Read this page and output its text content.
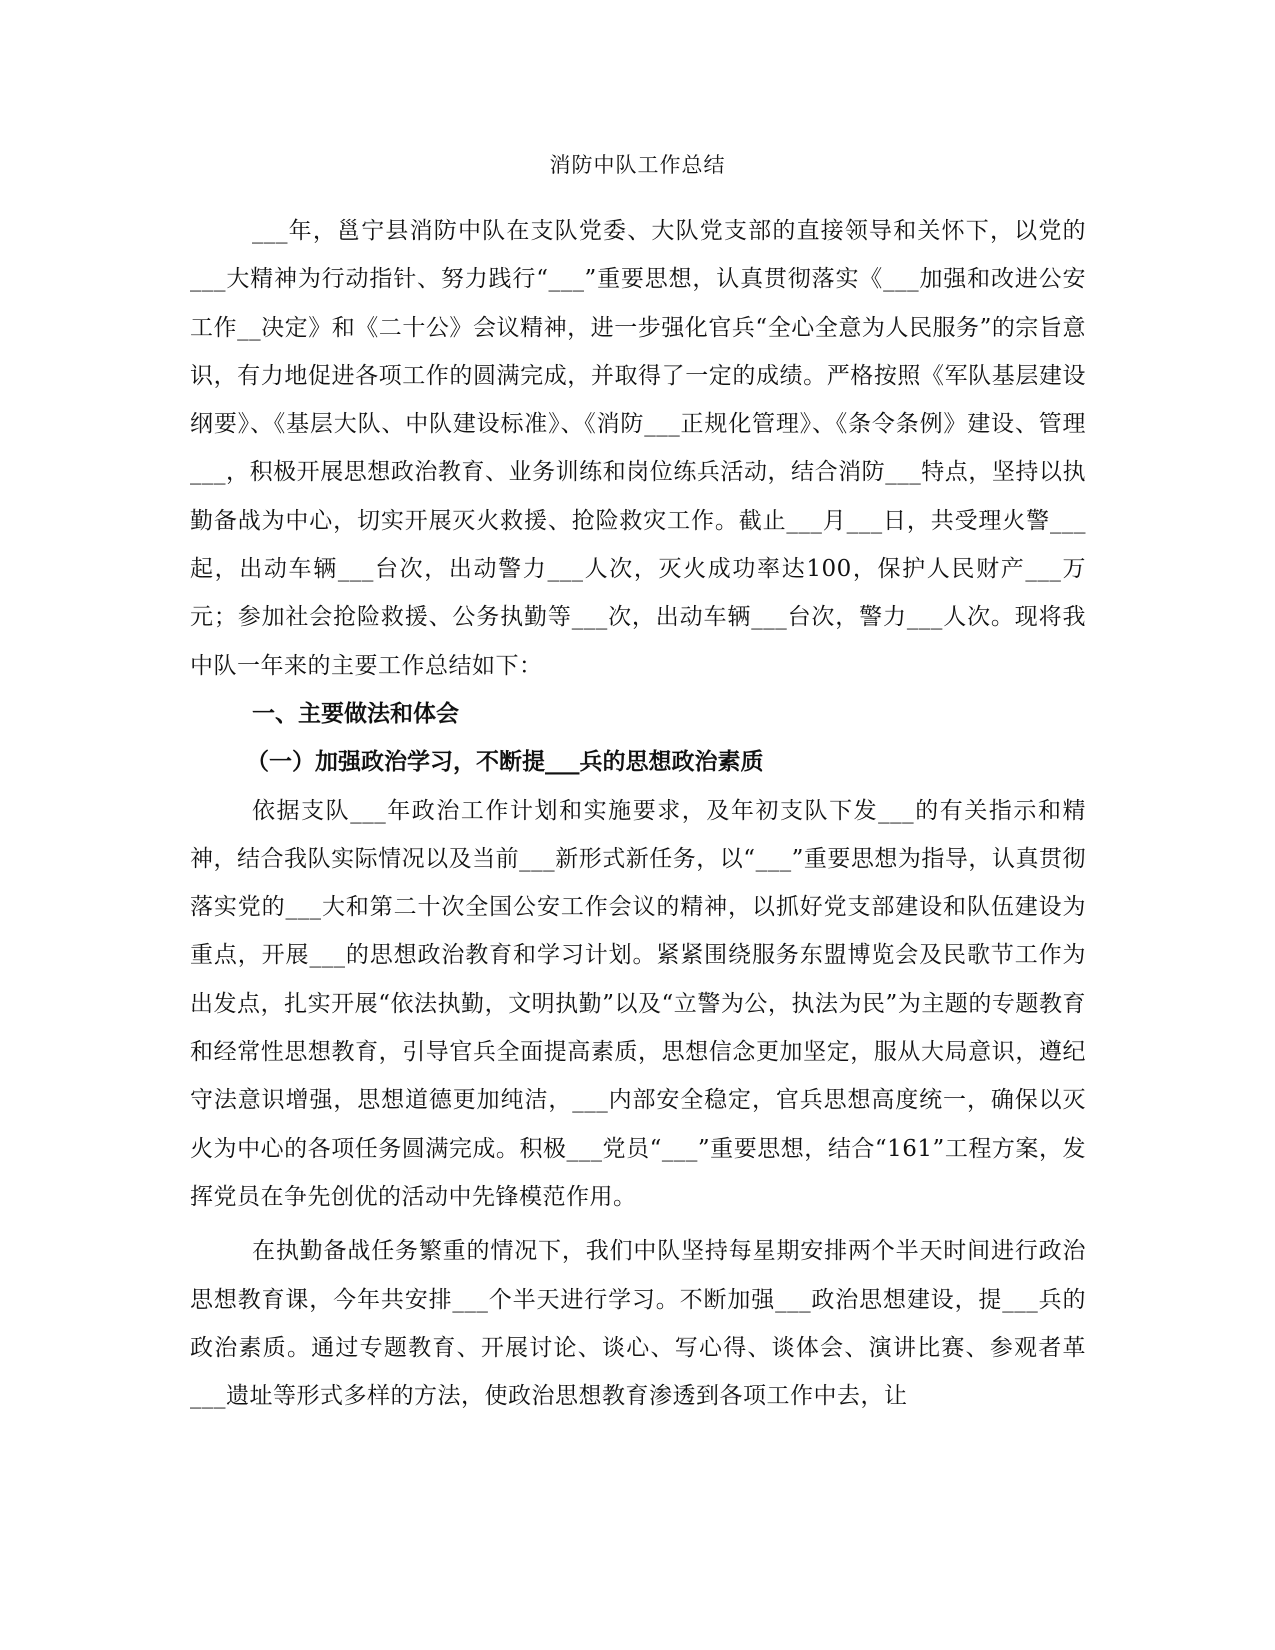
消防中队工作总结

___年，邕宁县消防中队在支队党委、大队党支部的直接领导和关怀下，以党的___大精神为行动指针、努力践行“___”重要思想，认真贯彻落实《___加强和改进公安工作__决定》和《二十公》会议精神，进一步强化官兵“全心全意为人民服务”的宗旨意识，有力地促进各项工作的圆满完成，并取得了一定的成绩。严格按照《军队基层建设纲要》、《基层大队、中队建设标准》、《消防___正规化管理》、《条令条例》建设、管理___，积极开展思想政治教育、业务训练和岗位练兵活动，结合消防___特点，坚持以执勤备战为中心，切实开展灭火救援、抢险救灾工作。截止___月___日，共受理火警___起，出动车辆___台次，出动警力___人次，灭火成功率达100，保护人民财产___万元；参加社会抢险救援、公务执勤等___次，出动车辆___台次，警力___人次。现将我中队一年来的主要工作总结如下：

一、主要做法和体会

（一）加强政治学习，不断提___兵的思想政治素质

依据支队___年政治工作计划和实施要求，及年初支队下发___的有关指示和精神，结合我队实际情况以及当前___新形式新任务，以“___”重要思想为指导，认真贯彻落实党的___大和第二十次全国公安工作会议的精神，以抓好党支部建设和队伍建设为重点，开展___的思想政治教育和学习计划。紧紧围绕服务东盟博览会及民歌节工作为出发点，扎实开展“依法执勤，文明执勤”以及“立警为公，执法为民”为主题的专题教育和经常性思想教育，引导官兵全面提高素质，思想信念更加坚定，服从大局意识，遵纪守法意识增强，思想道德更加纯洁，___内部安全稳定，官兵思想高度统一，确保以灭火为中心的各项任务圆满完成。积极___党员“___”重要思想，结合“161”工程方案，发挥党员在争先创优的活动中先锋模范作用。

在执勤备战任务繁重的情况下，我们中队坚持每星期安排两个半天时间进行政治思想教育课，今年共安排___个半天进行学习。不断加强___政治思想建设，提___兵的政治素质。通过专题教育、开展讨论、谈心、写心得、谈体会、演讲比赛、参观者革___遗址等形式多样的方法，使政治思想教育渗透到各项工作中去，让
